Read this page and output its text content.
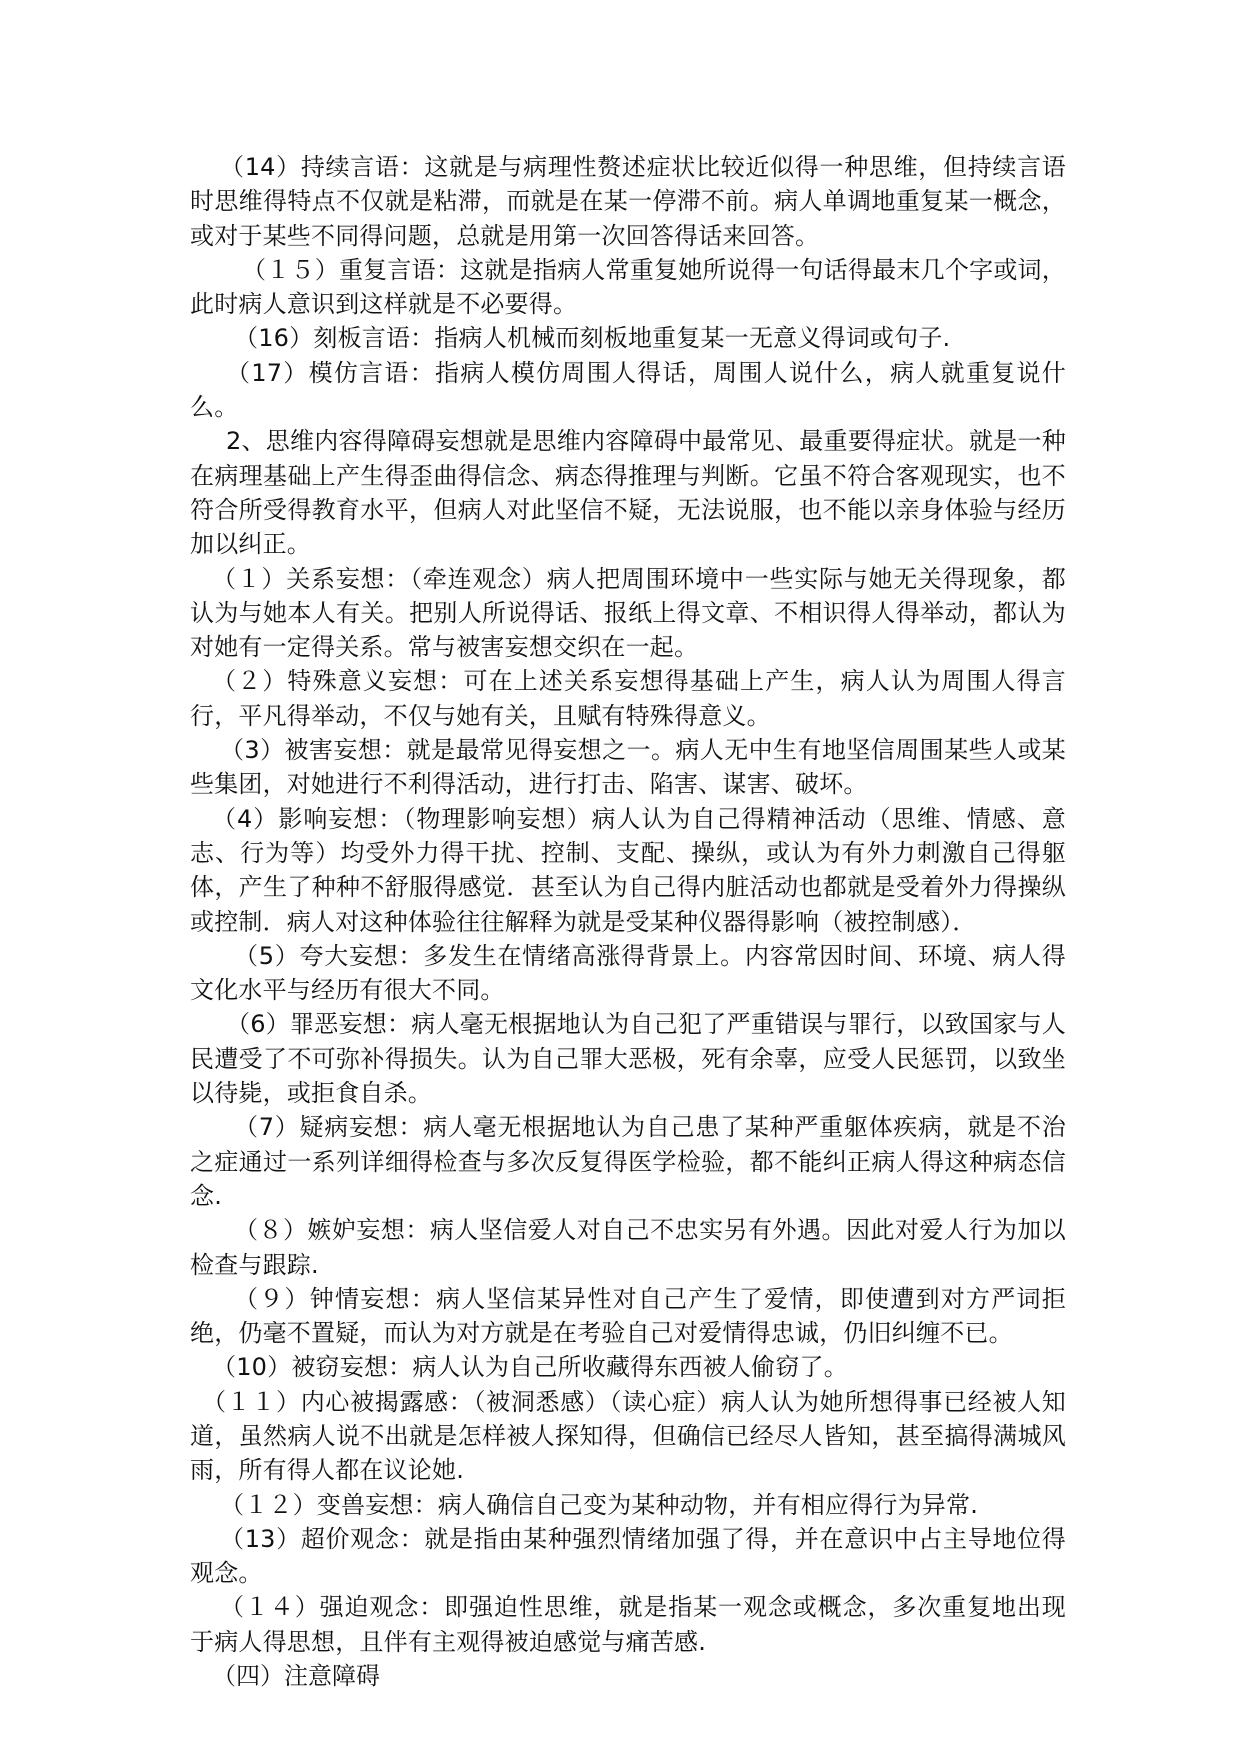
（14）持续言语：这就是与病理性赘述症状比较近似得一种思维，但持续言语时思维得特点不仅就是粘滞，而就是在某一停滞不前。病人单调地重复某一概念，或对于某些不同得问题，总就是用第一次回答得话来回答。

（１５）重复言语：这就是指病人常重复她所说得一句话得最末几个字或词，此时病人意识到这样就是不必要得。

（16）刻板言语：指病人机械而刻板地重复某一无意义得词或句子.

（17）模仿言语：指病人模仿周围人得话，周围人说什么，病人就重复说什么。

2、思维内容得障碍妄想就是思维内容障碍中最常见、最重要得症状。就是一种在病理基础上产生得歪曲得信念、病态得推理与判断。它虽不符合客观现实，也不符合所受得教育水平，但病人对此坚信不疑，无法说服，也不能以亲身体验与经历加以纠正。

（１）关系妄想：（牵连观念）病人把周围环境中一些实际与她无关得现象，都认为与她本人有关。把别人所说得话、报纸上得文章、不相识得人得举动，都认为对她有一定得关系。常与被害妄想交织在一起。

（２）特殊意义妄想：可在上述关系妄想得基础上产生，病人认为周围人得言行，平凡得举动，不仅与她有关，且赋有特殊得意义。

（3）被害妄想：就是最常见得妄想之一。病人无中生有地坚信周围某些人或某些集团，对她进行不利得活动，进行打击、陷害、谋害、破坏。

（4）影响妄想：（物理影响妄想）病人认为自己得精神活动（思维、情感、意志、行为等）均受外力得干扰、控制、支配、操纵，或认为有外力刺激自己得躯体，产生了种种不舒服得感觉．甚至认为自己得内脏活动也都就是受着外力得操纵或控制．病人对这种体验往往解释为就是受某种仪器得影响（被控制感）．

（5）夸大妄想：多发生在情绪高涨得背景上。内容常因时间、环境、病人得文化水平与经历有很大不同。

（6）罪恶妄想：病人毫无根据地认为自己犯了严重错误与罪行，以致国家与人民遭受了不可弥补得损失。认为自己罪大恶极，死有余辜，应受人民惩罚，以致坐以待毙，或拒食自杀。

（7）疑病妄想：病人毫无根据地认为自己患了某种严重躯体疾病，就是不治之症通过一系列详细得检查与多次反复得医学检验，都不能纠正病人得这种病态信念.

（８）嫉妒妄想：病人坚信爱人对自己不忠实另有外遇。因此对爱人行为加以检查与跟踪.

（９）钟情妄想：病人坚信某异性对自己产生了爱情，即使遭到对方严词拒绝，仍毫不置疑，而认为对方就是在考验自己对爱情得忠诚，仍旧纠缠不已。

（10）被窃妄想：病人认为自己所收藏得东西被人偷窃了。

（１１）内心被揭露感：（被洞悉感）（读心症）病人认为她所想得事已经被人知道，虽然病人说不出就是怎样被人探知得，但确信已经尽人皆知，甚至搞得满城风雨，所有得人都在议论她.

（１２）变兽妄想：病人确信自己变为某种动物，并有相应得行为异常.

（13）超价观念：就是指由某种强烈情绪加强了得，并在意识中占主导地位得观念。

（１４）强迫观念：即强迫性思维，就是指某一观念或概念，多次重复地出现于病人得思想，且伴有主观得被迫感觉与痛苦感.

（四）注意障碍
